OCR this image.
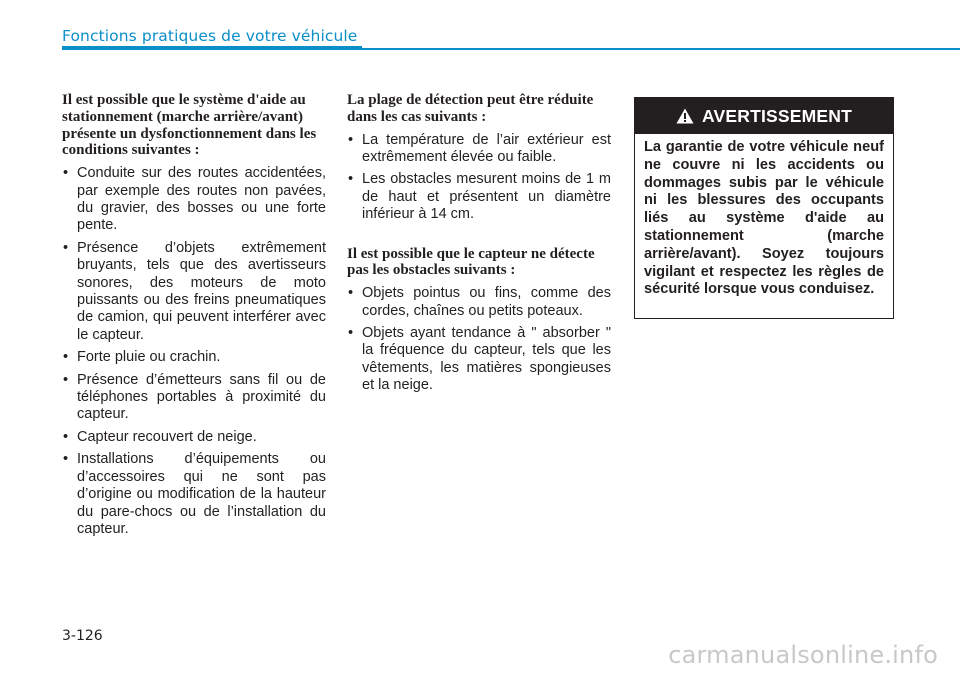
Fonctions pratiques de votre véhicule
Il est possible que le système d'aide au stationnement (marche arrière/avant) présente un dysfonctionnement dans les conditions suivantes :
• Conduite sur des routes accidentées, par exemple des routes non pavées, du gravier, des bosses ou une forte pente.
• Présence d’objets extrêmement bruyants, tels que des avertisseurs sonores, des moteurs de moto puissants ou des freins pneumatiques de camion, qui peuvent interférer avec le capteur.
• Forte pluie ou crachin.
• Présence d’émetteurs sans fil ou de téléphones portables à proximité du capteur.
• Capteur recouvert de neige.
• Installations d’équipements ou d’accessoires qui ne sont pas d’origine ou modification de la hauteur du pare-chocs ou de l’installation du capteur.
La plage de détection peut être réduite dans les cas suivants :
• La température de l’air extérieur est extrêmement élevée ou faible.
• Les obstacles mesurent moins de 1 m de haut et présentent un diamètre inférieur à 14 cm.
Il est possible que le capteur ne détecte pas les obstacles suivants :
• Objets pointus ou fins, comme des cordes, chaînes ou petits poteaux.
• Objets ayant tendance à " absorber " la fréquence du capteur, tels que les vêtements, les matières spongieuses et la neige.
AVERTISSEMENT
La garantie de votre véhicule neuf ne couvre ni les accidents ou dommages subis par le véhicule ni les blessures des occupants liés au système d'aide au stationnement (marche arrière/avant). Soyez toujours vigilant et respectez les règles de sécurité lorsque vous conduisez.
3-126
carmanualsonline.info
